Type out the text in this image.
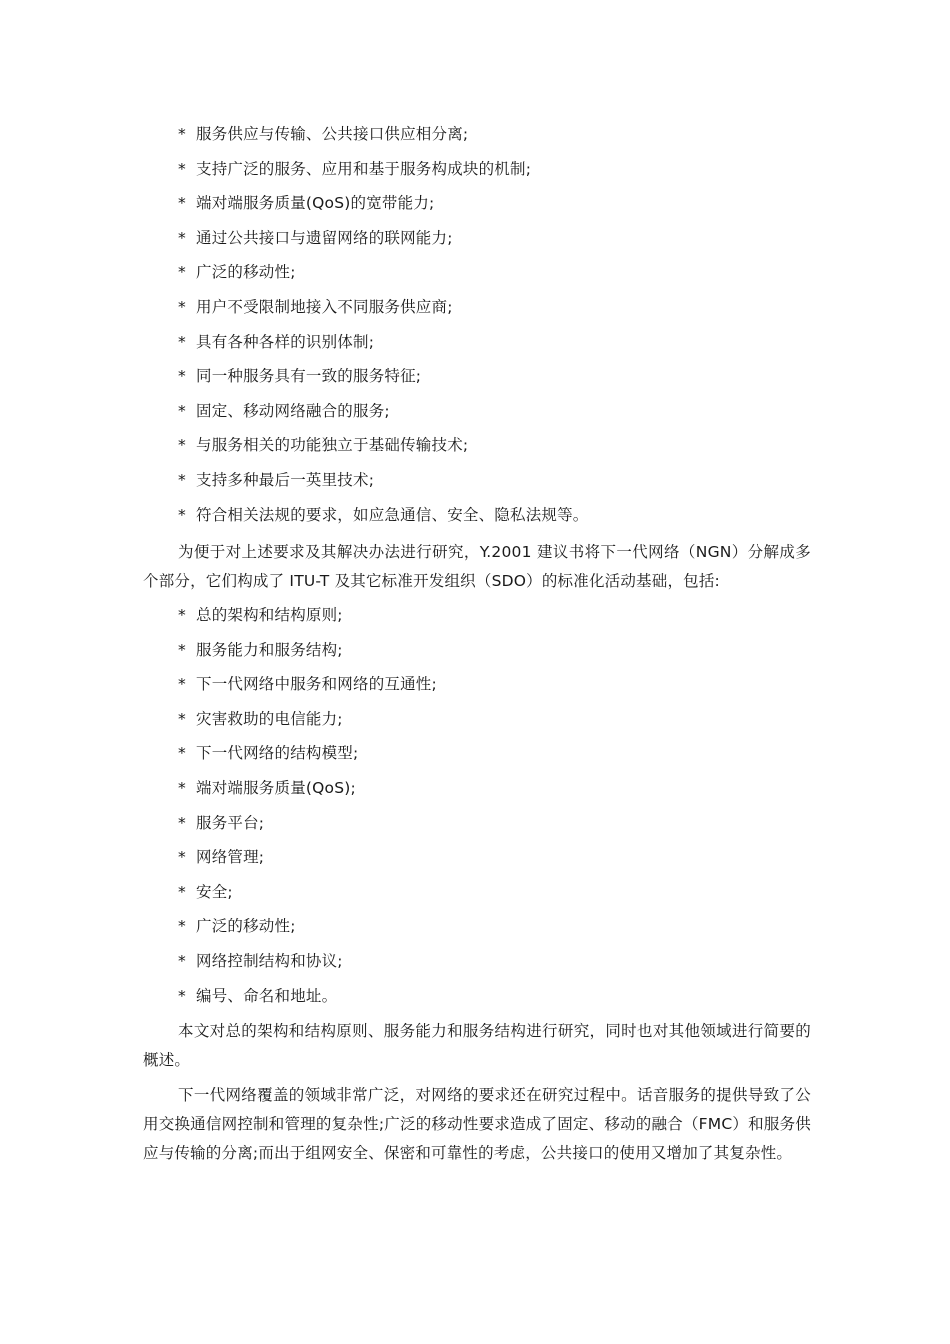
* 服务供应与传输、公共接口供应相分离;
* 支持广泛的服务、应用和基于服务构成块的机制;
* 端对端服务质量(QoS)的宽带能力;
* 通过公共接口与遗留网络的联网能力;
* 广泛的移动性;
* 用户不受限制地接入不同服务供应商;
* 具有各种各样的识别体制;
* 同一种服务具有一致的服务特征;
* 固定、移动网络融合的服务;
* 与服务相关的功能独立于基础传输技术;
* 支持多种最后一英里技术;
* 符合相关法规的要求，如应急通信、安全、隐私法规等。

为便于对上述要求及其解决办法进行研究，Y.2001 建议书将下一代网络（NGN）分解成多个部分，它们构成了 ITU-T 及其它标准开发组织（SDO）的标准化活动基础，包括:

* 总的架构和结构原则;
* 服务能力和服务结构;
* 下一代网络中服务和网络的互通性;
* 灾害救助的电信能力;
* 下一代网络的结构模型;
* 端对端服务质量(QoS);
* 服务平台;
* 网络管理;
* 安全;
* 广泛的移动性;
* 网络控制结构和协议;
* 编号、命名和地址。

本文对总的架构和结构原则、服务能力和服务结构进行研究，同时也对其他领域进行简要的概述。

下一代网络覆盖的领域非常广泛，对网络的要求还在研究过程中。话音服务的提供导致了公用交换通信网控制和管理的复杂性;广泛的移动性要求造成了固定、移动的融合（FMC）和服务供应与传输的分离;而出于组网安全、保密和可靠性的考虑，公共接口的使用又增加了其复杂性。
